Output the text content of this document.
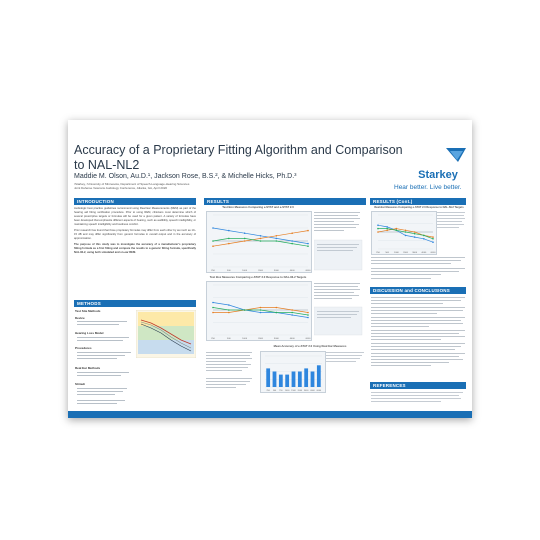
Accuracy of a Proprietary Fitting Algorithm and Comparison to NAL-NL2
Maddie M. Olson, Au.D.¹, Jackson Rose, B.S.², & Michelle Hicks, Ph.D.³
¹Starkey, ²University of Minnesota, Department of Speech-Language-Hearing Sciences
Joint Defense Veterans Audiology Conference, Atlanta, GA, April 2020
Starkey
Hear better. Live better.
INTRODUCTION

Audiologic best practice guidelines recommend using Real Ear Measurements (REM) as part of the hearing aid fitting verification procedure. Prior to using REM, clinicians must determine which of several prescriptive targets or formulas will be used for a given patient. A variety of formulas have been developed that emphasize different aspects of hearing, such as audibility, speech intelligibility, or maintaining speech intelligibility and loudness comfort.

Prior research has found that three proprietary formulas may differ from each other by as much as 10–15 dB and may differ significantly from generic formulas in overall output and in the accuracy of approximation.

The purpose of this study was to investigate the accuracy of a manufacturer's proprietary fitting formula as a first fitting and compare the results to a generic fitting formula, specifically NAL-NL2, using both simulated and on-ear REM.

METHODS
Test Site Methods
Device
Hearing Loss Model
Procedures
Real Ear Methods
Stimuli
RESULTS
Test Box Measures Comparing e-STAT and e-STAT 2.0
250	500	1000	2000	3000	4000	6000
Test Box Measures Comparing e-STAT 2.0 Response to NAL-NL2 Targets
250	500	1000	2000	3000	4000	6000
Mean Accuracy of e-STAT 2.0 Using Real Ear Measures
250	500	750	1000 1500 2000 3000 4000 6000
RESULTS (Cont.)
Real-Ear Measures Comparing e-STAT 2.0 Response to NAL-NL2 Targets
250	500	1000	2000	3000	4000	6000
DISCUSSION and CONCLUSIONS
REFERENCES
